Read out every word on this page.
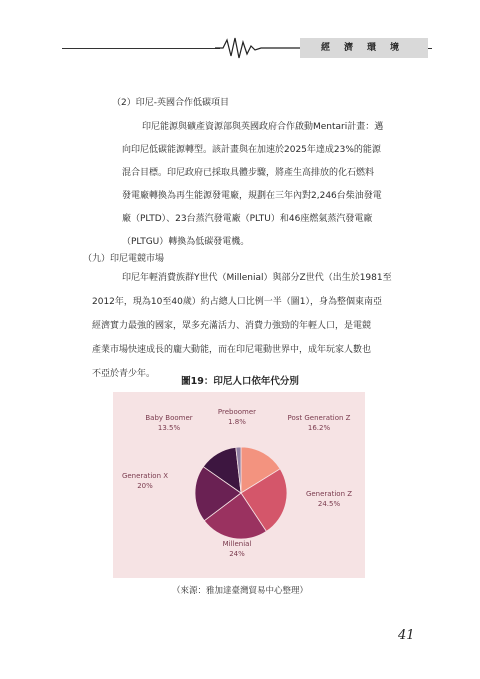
經濟環境
（2）印尼-英國合作低碳項目
印尼能源與礦產資源部與英國政府合作啟動Mentari計畫：邁
向印尼低碳能源轉型。該計畫與在加速於2025年達成23%的能源
混合目標。印尼政府已採取具體步驟，將產生高排放的化石燃料
發電廠轉換為再生能源發電廠，規劃在三年內對2,246台柴油發電
廠（PLTD）、23台蒸汽發電廠（PLTU）和46座燃氣蒸汽發電廠
（PLTGU）轉換為低碳發電機。
（九）印尼電競市場
印尼年輕消費族群Y世代（Millenial）與部分Z世代（出生於1981至
2012年，現為10至40歲）約占總人口比例一半（圖1），身為整個東南亞
經濟實力最強的國家，眾多充滿活力、消費力強勁的年輕人口，是電競
產業市場快速成長的龐大動能，而在印尼電動世界中，成年玩家人數也
不亞於青少年。
圖19：印尼人口依年代分別
Post Generation Z
16.2%
Generation Z
24.5%
Millenial
24%
Generation X
20%
Baby Boomer
13.5%
Preboomer
1.8%
（來源：雅加達臺灣貿易中心整理）
41
